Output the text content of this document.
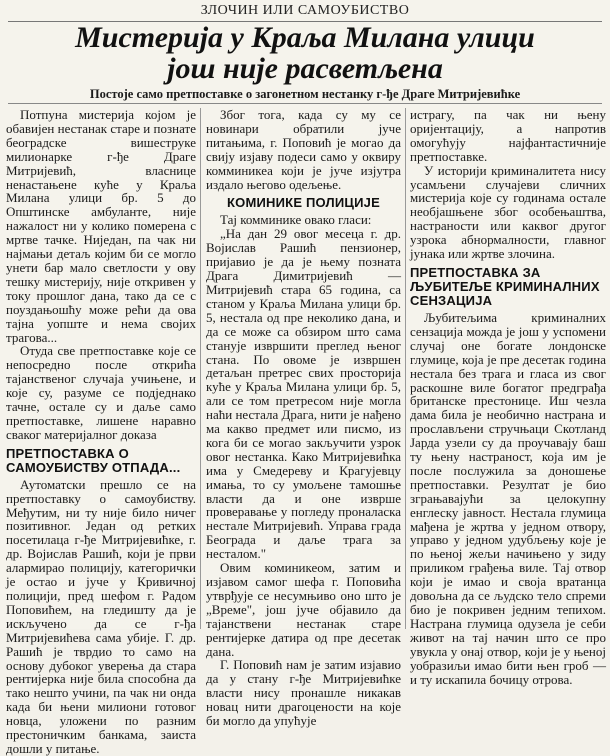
ЗЛОЧИН ИЛИ САМОУБИСТВО
Мистерија у Краља Милана улици
још није расветљена
Постоје само претпоставке о загонетном нестанку г-ђе Драге Митријевићке

Потпуна мистерија којом је обавијен нестанак старе и познате београдске вишеструке милионарке г-ђе Драге Митријевић, власнице ненастањене куће у Краља Милана улици бр. 5 до Општинске амбуланте, није нажалост ни у колико померена с мртве тачке. Ниједан, па чак ни најмањи детаљ којим би се могло унети бар мало светлости у ову тешку мистерију, није откривен у току прошлог дана, тако да се с поуздањошћу може рећи да ова тајна уопште и нема својих трагова...

Отуда све претпоставке које се непосредно после открића тајанственог случаја учињене, и које су, разуме се подједнако тачне, остале су и даље само претпоставке, лишене наравно сваког материјалног доказа

ПРЕТПОСТАВКА О САМОУБИСТВУ ОТПАДА...

Аутоматски прешло се на претпоставку о самоубиству. Међутим, ни ту није било ничег позитивног. Један од ретких посетилаца г-ђе Митријевићке, г. др. Војислав Рашић, који је први алармирао полицију, категорички је остао и јуче у Кривичној полицији, пред шефом г. Радом Поповићем, на гледишту да је искључено да се г-ђа Митријевићева сама убије. Г. др. Рашић је тврдио то само на основу дубоког уверења да стара рентијерка није била способна да тако нешто учини, па чак ни онда када би њени милиони готовог новца, уложени по разним престоничким банкама, заиста дошли у питање.

Због тога, када су му се новинари обратили јуче питањима, г. Поповић је могао да свију изјаву подеси само у оквиру комминикеа који је јуче изјутра издало његово одељење.

КОМИНИКЕ ПОЛИЦИЈЕ

Тај комминике овако гласи:

„На дан 29 овог месеца г. др. Војислав Рашић пензионер, пријавио је да је њему позната Драга Димитријевић — Митријевић стара 65 година, са станом у Краља Милана улици бр. 5, нестала од пре неколико дана, и да се може са обзиром што сама станује извршити преглед њеног стана. По овоме је извршен детаљан претрес свих просторија куће у Краља Милана улици бр. 5, али се том претресом није могла наћи нестала Драга, нити је нађено ма какво предмет или писмо, из кога би се могао закључити узрок овог нестанка. Како Митријевићка има у Смедереву и Крагујевцу имања, то су умољене тамошње власти да и оне изврше проверавање у погледу проналаска нестале Митријевић. Управа града Београда и даље трага за несталом."

Овим коминикеом, затим и изјавом самог шефа г. Поповића утврђује се несумњиво оно што је „Време", још јуче објавило да тајанствени нестанак старе рентијерке датира од пре десетак дана.

Г. Поповић нам је затим изјавио да у стану г-ђе Митријевићке власти нису пронашле никакав новац нити драгоцености на које би могло да упућује

истрагу, па чак ни њену оријентацију, а напротив омогућују најфантастичније претпоставке.

У историји криминалитета нису усамљени случајеви сличних мистерија које су годинама остале необјашњене због особењаштва, настраности или каквог другог узрока абнормалности, главног јунака или жртве злочина.

ПРЕТПОСТАВКА ЗА ЉУБИТЕЉЕ КРИМИНАЛНИХ СЕНЗАЦИЈА

Љубитељима криминалних сензација можда је још у успомени случај оне богате лондонске глумице, која је пре десетак година нестала без трага и гласа из свог раскошне виле богатог предграђа британске престонице. Иш чезла дама била је необично настрана и прослављени стручњаци Скотланд Јарда узели су да проучавају баш ту њену настраност, која им је после послужила за доношење претпоставки. Резултат је био зграњавајући за целокупну енглеску јавност. Нестала глумица мађена је жртва у једном отвору, управо у једном удубљењу које је по њеној жељи начињено у зиду приликом грађења виле. Тај отвор који је имао и своја вратанца довољна да се људско тело спреми био је покривен једним тепихом. Настрана глумица одузела је себи живот на тај начин што се про увукла у онај отвор, који је у њеној уобразиљи имао бити њен гроб — и ту искапила бочицу отрова.
